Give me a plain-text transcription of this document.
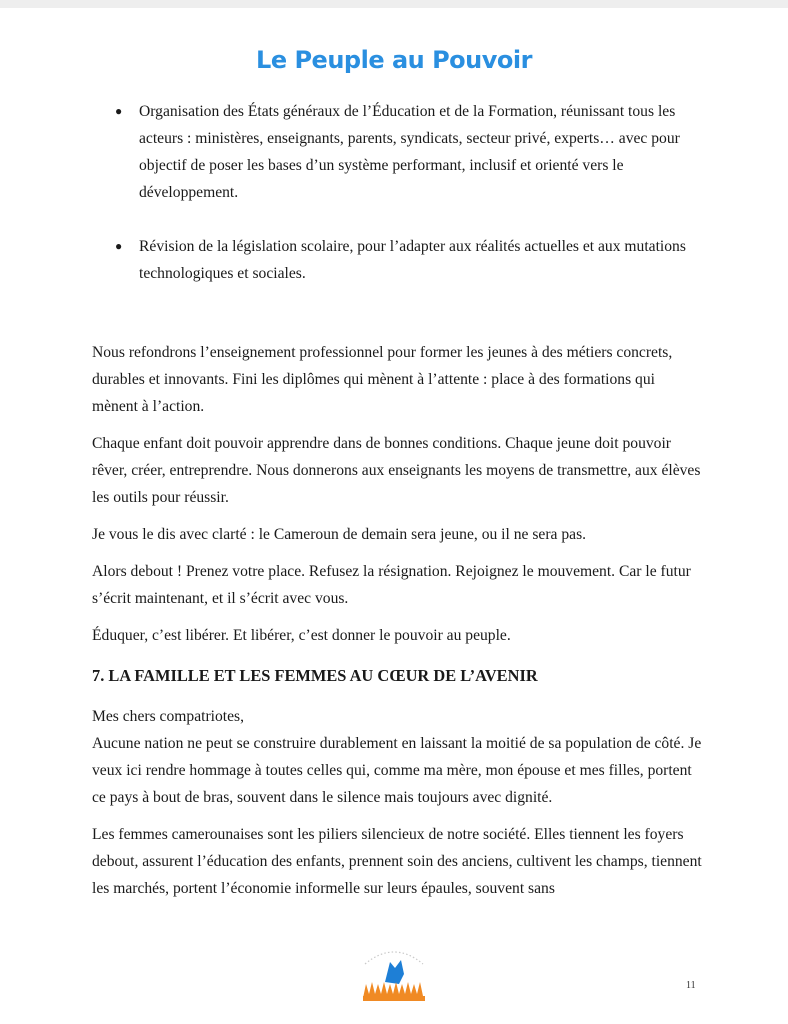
Le Peuple au Pouvoir
● Organisation des États généraux de l’Éducation et de la Formation, réunissant tous les acteurs : ministères, enseignants, parents, syndicats, secteur privé, experts… avec pour objectif de poser les bases d’un système performant, inclusif et orienté vers le développement.
● Révision de la législation scolaire, pour l’adapter aux réalités actuelles et aux mutations technologiques et sociales.

Nous refondrons l’enseignement professionnel pour former les jeunes à des métiers concrets, durables et innovants. Fini les diplômes qui mènent à l’attente : place à des formations qui mènent à l’action.

Chaque enfant doit pouvoir apprendre dans de bonnes conditions. Chaque jeune doit pouvoir rêver, créer, entreprendre. Nous donnerons aux enseignants les moyens de transmettre, aux élèves les outils pour réussir.

Je vous le dis avec clarté : le Cameroun de demain sera jeune, ou il ne sera pas.

Alors debout ! Prenez votre place. Refusez la résignation. Rejoignez le mouvement. Car le futur s’écrit maintenant, et il s’écrit avec vous.

Éduquer, c’est libérer. Et libérer, c’est donner le pouvoir au peuple.

7. LA FAMILLE ET LES FEMMES AU CŒUR DE L’AVENIR

Mes chers compatriotes,
Aucune nation ne peut se construire durablement en laissant la moitié de sa population de côté. Je veux ici rendre hommage à toutes celles qui, comme ma mère, mon épouse et mes filles, portent ce pays à bout de bras, souvent dans le silence mais toujours avec dignité.

Les femmes camerounaises sont les piliers silencieux de notre société. Elles tiennent les foyers debout, assurent l’éducation des enfants, prennent soin des anciens, cultivent les champs, tiennent les marchés, portent l’économie informelle sur leurs épaules, souvent sans

11
